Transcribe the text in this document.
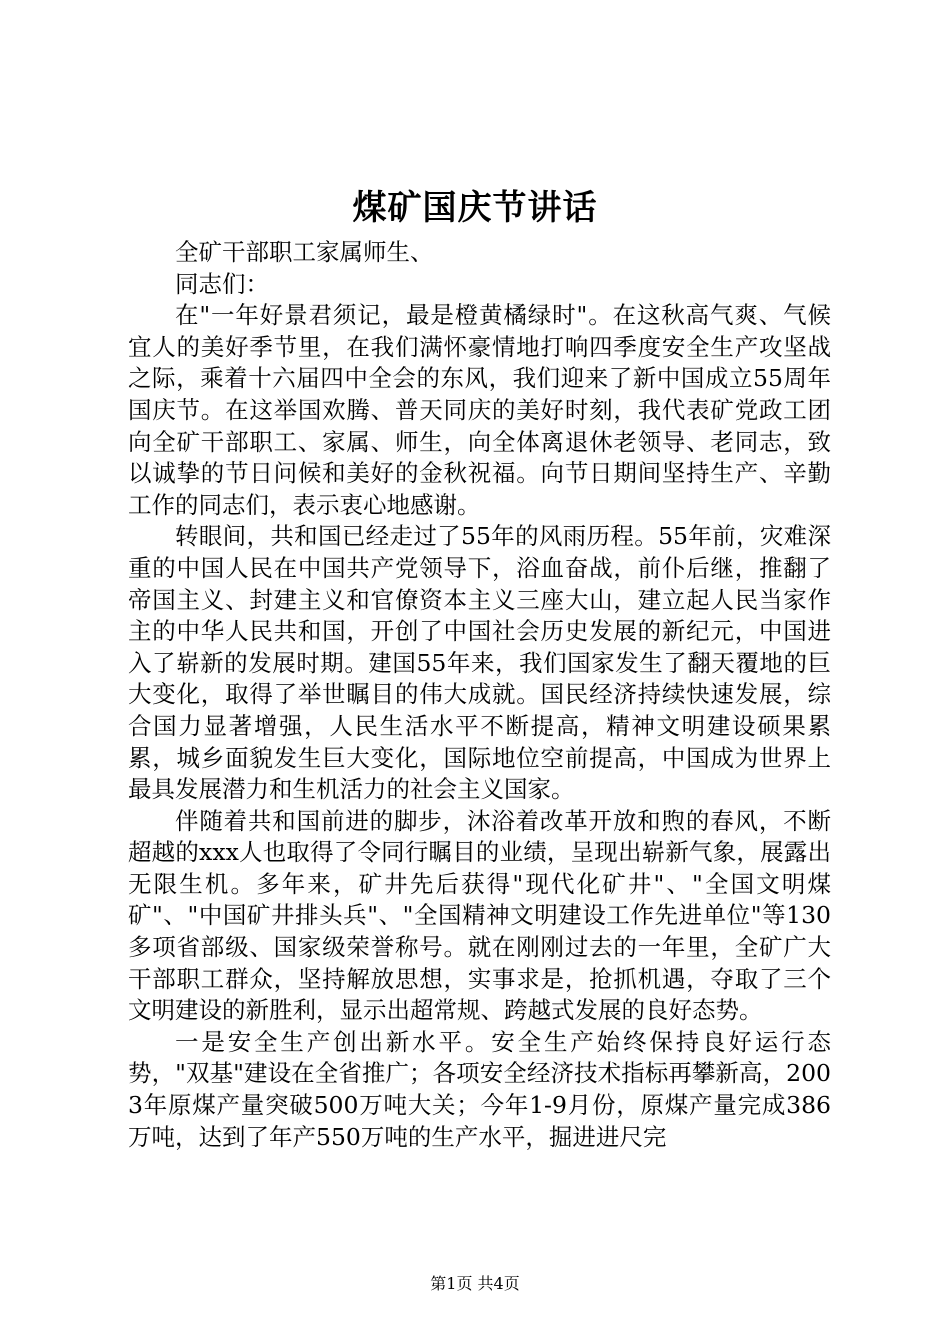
煤矿国庆节讲话

全矿干部职工家属师生、

同志们：

在"一年好景君须记，最是橙黄橘绿时"。在这秋高气爽、气候宜人的美好季节里，在我们满怀豪情地打响四季度安全生产攻坚战之际，乘着十六届四中全会的东风，我们迎来了新中国成立55周年国庆节。在这举国欢腾、普天同庆的美好时刻，我代表矿党政工团向全矿干部职工、家属、师生，向全体离退休老领导、老同志，致以诚挚的节日问候和美好的金秋祝福。向节日期间坚持生产、辛勤工作的同志们，表示衷心地感谢。

转眼间，共和国已经走过了55年的风雨历程。55年前，灾难深重的中国人民在中国共产党领导下，浴血奋战，前仆后继，推翻了帝国主义、封建主义和官僚资本主义三座大山，建立起人民当家作主的中华人民共和国，开创了中国社会历史发展的新纪元，中国进入了崭新的发展时期。建国55年来，我们国家发生了翻天覆地的巨大变化，取得了举世瞩目的伟大成就。国民经济持续快速发展，综合国力显著增强，人民生活水平不断提高，精神文明建设硕果累累，城乡面貌发生巨大变化，国际地位空前提高，中国成为世界上最具发展潜力和生机活力的社会主义国家。

伴随着共和国前进的脚步，沐浴着改革开放和煦的春风，不断超越的xxx人也取得了令同行瞩目的业绩，呈现出崭新气象，展露出无限生机。多年来，矿井先后获得"现代化矿井"、"全国文明煤矿"、"中国矿井排头兵"、"全国精神文明建设工作先进单位"等130多项省部级、国家级荣誉称号。就在刚刚过去的一年里，全矿广大干部职工群众，坚持解放思想，实事求是，抢抓机遇，夺取了三个文明建设的新胜利，显示出超常规、跨越式发展的良好态势。

一是安全生产创出新水平。安全生产始终保持良好运行态势，"双基"建设在全省推广；各项安全经济技术指标再攀新高，2003年原煤产量突破500万吨大关；今年1-9月份，原煤产量完成386万吨，达到了年产550万吨的生产水平，掘进进尺完

第1页 共4页
